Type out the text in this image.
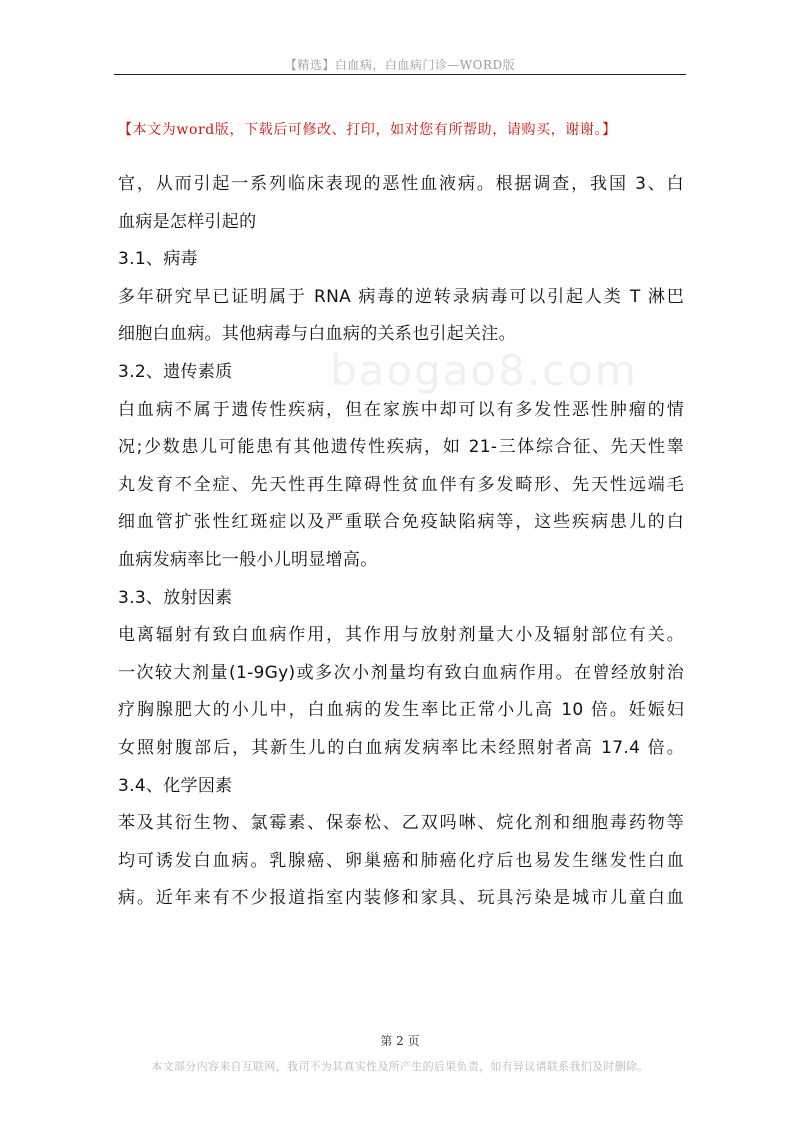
【精选】白血病，白血病门诊—WORD版
【本文为word版，下载后可修改、打印，如对您有所帮助，请购买，谢谢。】
baogao8.com
官，从而引起一系列临床表现的恶性血液病。根据调查，我国 3、白
血病是怎样引起的
3.1、病毒
多年研究早已证明属于 RNA 病毒的逆转录病毒可以引起人类 T 淋巴
细胞白血病。其他病毒与白血病的关系也引起关注。
3.2、遗传素质
白血病不属于遗传性疾病，但在家族中却可以有多发性恶性肿瘤的情
况;少数患儿可能患有其他遗传性疾病，如 21-三体综合征、先天性睾
丸发育不全症、先天性再生障碍性贫血伴有多发畸形、先天性远端毛
细血管扩张性红斑症以及严重联合免疫缺陷病等，这些疾病患儿的白
血病发病率比一般小儿明显增高。
3.3、放射因素
电离辐射有致白血病作用，其作用与放射剂量大小及辐射部位有关。
一次较大剂量(1-9Gy)或多次小剂量均有致白血病作用。在曾经放射治
疗胸腺肥大的小儿中，白血病的发生率比正常小儿高 10 倍。妊娠妇
女照射腹部后，其新生儿的白血病发病率比未经照射者高 17.4 倍。
3.4、化学因素
苯及其衍生物、氯霉素、保泰松、乙双吗啉、烷化剂和细胞毒药物等
均可诱发白血病。乳腺癌、卵巢癌和肺癌化疗后也易发生继发性白血
病。近年来有不少报道指室内装修和家具、玩具污染是城市儿童白血
第 2 页
本文部分内容来自互联网，我司不为其真实性及所产生的后果负责，如有异议请联系我们及时删除。
